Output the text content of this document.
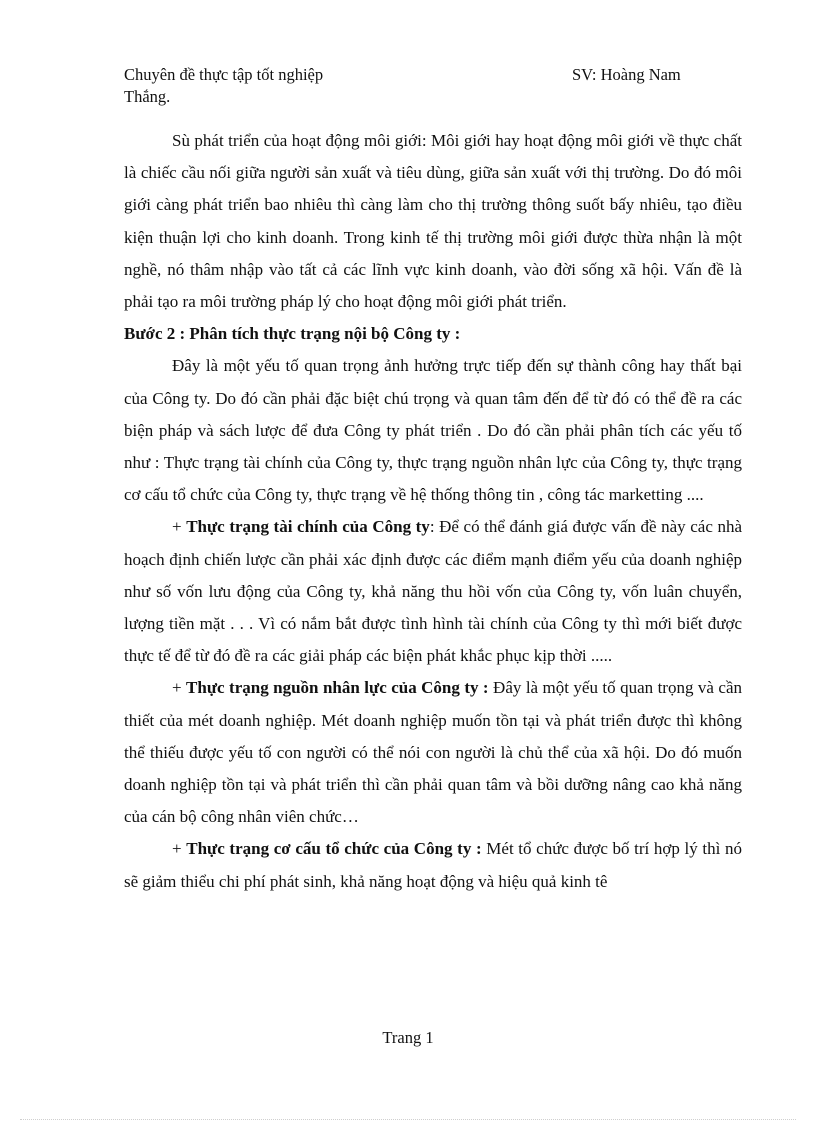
Chuyên đề thực tập tốt nghiệp	SV: Hoàng Nam
Thắng.

Sù phát triển của hoạt động môi giới: Môi giới hay hoạt động môi giới về thực chất là chiếc cầu nối giữa người sản xuất và tiêu dùng, giữa sản xuất với thị trường. Do đó môi giới càng phát triển bao nhiêu thì càng làm cho thị trường thông suốt bấy nhiêu, tạo điều kiện thuận lợi cho kinh doanh. Trong kinh tế thị trường môi giới được thừa nhận là một nghề, nó thâm nhập vào tất cả các lĩnh vực kinh doanh, vào đời sống xã hội. Vấn đề là phải tạo ra môi trường pháp lý cho hoạt động môi giới phát triển.

Bước 2 : Phân tích thực trạng nội bộ Công ty :

Đây là một yếu tố quan trọng ảnh hưởng trực tiếp đến sự thành công hay thất bại của Công ty. Do đó cần phải đặc biệt chú trọng và quan tâm đến để từ đó có thể đề ra các biện pháp và sách lược để đưa Công ty phát triển . Do đó cần phải phân tích các yếu tố như : Thực trạng tài chính của Công ty, thực trạng nguồn nhân lực của Công ty, thực trạng cơ cấu tổ chức của Công ty, thực trạng về hệ thống thông tin , công tác marketting ....

+ Thực trạng tài chính của Công ty: Để có thể đánh giá được vấn đề này các nhà hoạch định chiến lược cần phải xác định được các điểm mạnh điểm yếu của doanh nghiệp như số vốn lưu động của Công ty, khả năng thu hồi vốn của Công ty, vốn luân chuyển, lượng tiền mặt . . . Vì có nắm bắt được tình hình tài chính của Công ty thì mới biết được thực tế để từ đó đề ra các giải pháp các biện phát khắc phục kịp thời .....

+ Thực trạng nguồn nhân lực của Công ty : Đây là một yếu tố quan trọng và cần thiết của mét doanh nghiệp. Mét doanh nghiệp muốn tồn tại và phát triển được thì không thể thiếu được yếu tố con người có thể nói con người là chủ thể của xã hội. Do đó muốn doanh nghiệp tồn tại và phát triển thì cần phải quan tâm và bồi dưỡng nâng cao khả năng của cán bộ công nhân viên chức…

+ Thực trạng cơ cấu tổ chức của Công ty : Mét tổ chức được bố trí hợp lý thì nó sẽ giảm thiểu chi phí phát sinh, khả năng hoạt động và hiệu quả kinh tê

Trang 1
